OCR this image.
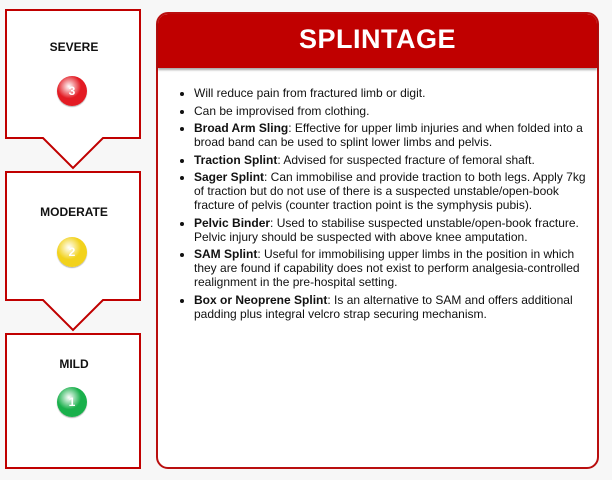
SEVERE
3
MODERATE
2
MILD
1
SPLINTAGE
• Will reduce pain from fractured limb or digit.
• Can be improvised from clothing.
• Broad Arm Sling: Effective for upper limb injuries and when folded into a broad band can be used to splint lower limbs and pelvis.
• Traction Splint: Advised for suspected fracture of femoral shaft.
• Sager Splint: Can immobilise and provide traction to both legs. Apply 7kg of traction but do not use of there is a suspected unstable/open-book fracture of pelvis (counter traction point is the symphysis pubis).
• Pelvic Binder: Used to stabilise suspected unstable/open-book fracture. Pelvic injury should be suspected with above knee amputation.
• SAM Splint: Useful for immobilising upper limbs in the position in which they are found if capability does not exist to perform analgesia-controlled realignment in the pre-hospital setting.
• Box or Neoprene Splint: Is an alternative to SAM and offers additional padding plus integral velcro strap securing mechanism.
